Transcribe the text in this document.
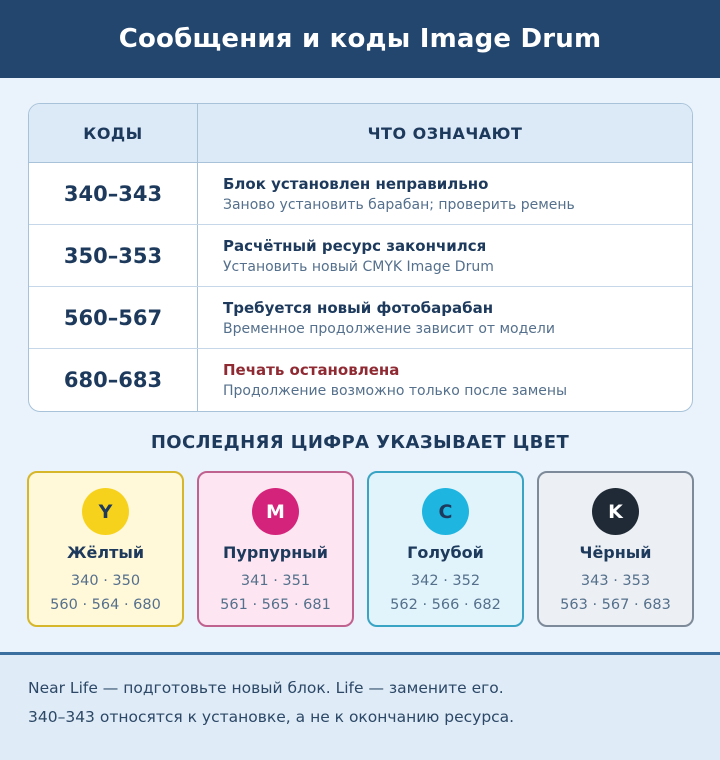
Сообщения и коды Image Drum
КОДЫ	ЧТО ОЗНАЧАЮТ
340–343	Блок установлен неправильно
Заново установить барабан; проверить ремень
350–353	Расчётный ресурс закончился
Установить новый CMYK Image Drum
560–567	Требуется новый фотобарабан
Временное продолжение зависит от модели
680–683	Печать остановлена
Продолжение возможно только после замены
ПОСЛЕДНЯЯ ЦИФРА УКАЗЫВАЕТ ЦВЕТ
Y
Жёлтый
340 · 350
560 · 564 · 680
M
Пурпурный
341 · 351
561 · 565 · 681
C
Голубой
342 · 352
562 · 566 · 682
K
Чёрный
343 · 353
563 · 567 · 683
Near Life — подготовьте новый блок. Life — замените его.
340–343 относятся к установке, а не к окончанию ресурса.
